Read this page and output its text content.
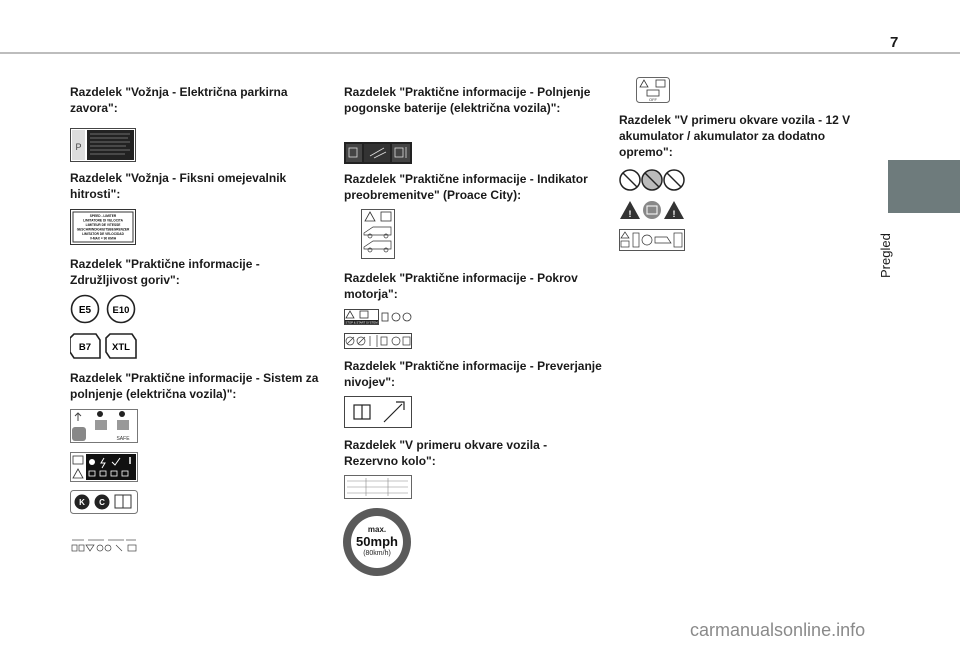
7
Pregled
Razdelek "Vožnja - Električna parkirna zavora":
P
Razdelek "Vožnja - Fiksni omejevalnik hitrosti":
SPEED - LIMITER
LIMITATORE DI VELOCITA
LIMITEUR DE VITESSE
GESCHWINDIGKEITSBEGRENZER
LIMITATOR DE VELOCIDAD
V-MAX = 90 KM/H
Razdelek "Praktične informacije - Združljivost goriv":
E5 E10
B7 XTL
Razdelek "Praktične informacije - Sistem za polnjenje (električna vozila)":
SAFE
K C
Razdelek "Praktične informacije - Polnjenje pogonske baterije (električna vozila)":
Razdelek "Praktične informacije - Indikator preobremenitve" (Proace City):
Razdelek "Praktične informacije - Pokrov motorja":
STOP & START SYSTEM
Razdelek "Praktične informacije - Preverjanje nivojev":
Razdelek "V primeru okvare vozila - Rezervno kolo":
max.
50mph
(80km/h)
OFF
Razdelek "V primeru okvare vozila - 12 V akumulator / akumulator za dodatno opremo":
!	!
carmanualsonline.info
